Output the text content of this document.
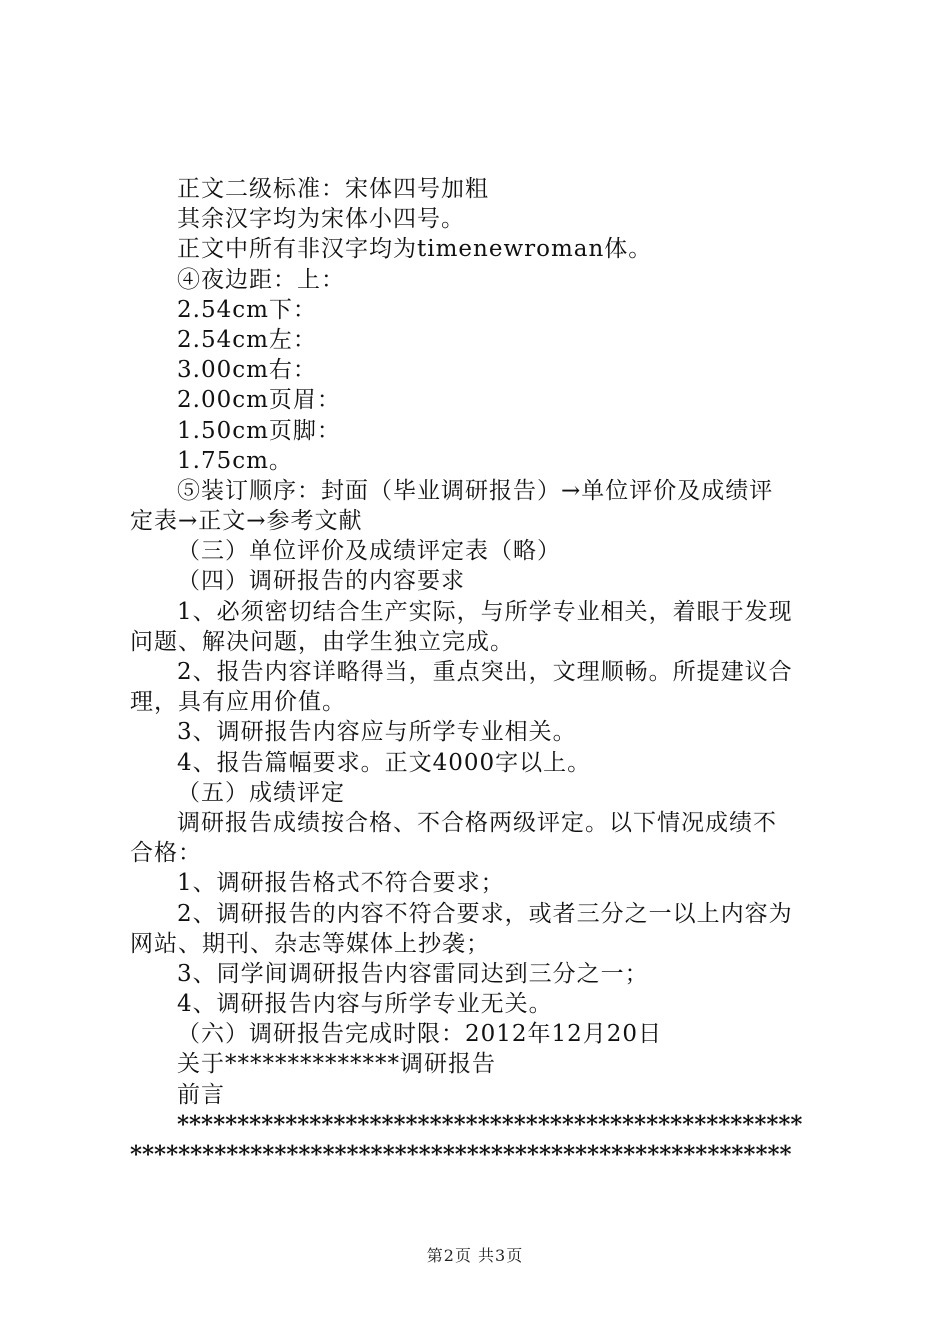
正文二级标准：宋体四号加粗
其余汉字均为宋体小四号。
正文中所有非汉字均为timenewroman体。
④夜边距：上：
2.54cm下：
2.54cm左：
3.00cm右：
2.00cm页眉：
1.50cm页脚：
1.75cm。
⑤装订顺序：封面（毕业调研报告）→单位评价及成绩评
定表→正文→参考文献
（三）单位评价及成绩评定表（略）
（四）调研报告的内容要求
1、必须密切结合生产实际，与所学专业相关，着眼于发现
问题、解决问题，由学生独立完成。
2、报告内容详略得当，重点突出，文理顺畅。所提建议合
理，具有应用价值。
3、调研报告内容应与所学专业相关。
4、报告篇幅要求。正文4000字以上。
（五）成绩评定
调研报告成绩按合格、不合格两级评定。以下情况成绩不
合格：
1、调研报告格式不符合要求；
2、调研报告的内容不符合要求，或者三分之一以上内容为
网站、期刊、杂志等媒体上抄袭；
3、同学间调研报告内容雷同达到三分之一；
4、调研报告内容与所学专业无关。
（六）调研报告完成时限：2012年12月20日
关于**************调研报告
前言
****************************************************
*******************************************************
第2页 共3页
